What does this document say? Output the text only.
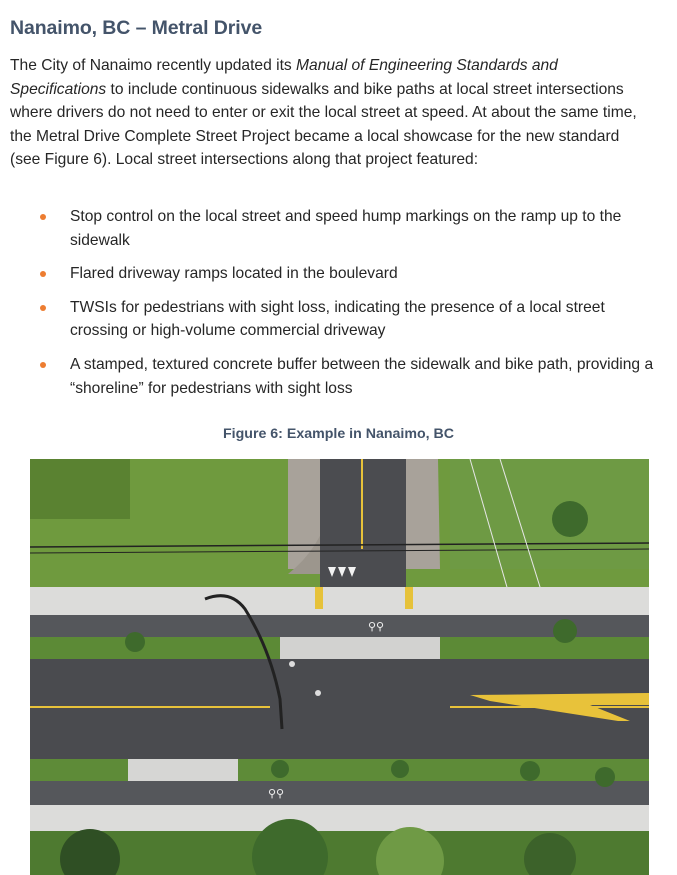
Nanaimo, BC – Metral Drive

The City of Nanaimo recently updated its Manual of Engineering Standards and Specifications to include continuous sidewalks and bike paths at local street intersections where drivers do not need to enter or exit the local street at speed. At about the same time, the Metral Drive Complete Street Project became a local showcase for the new standard (see Figure 6). Local street intersections along that project featured:

Stop control on the local street and speed hump markings on the ramp up to the sidewalk
Flared driveway ramps located in the boulevard
TWSIs for pedestrians with sight loss, indicating the presence of a local street crossing or high-volume commercial driveway
A stamped, textured concrete buffer between the sidewalk and bike path, providing a “shoreline” for pedestrians with sight loss

Figure 6: Example in Nanaimo, BC

⚲⚲
⚲⚲
